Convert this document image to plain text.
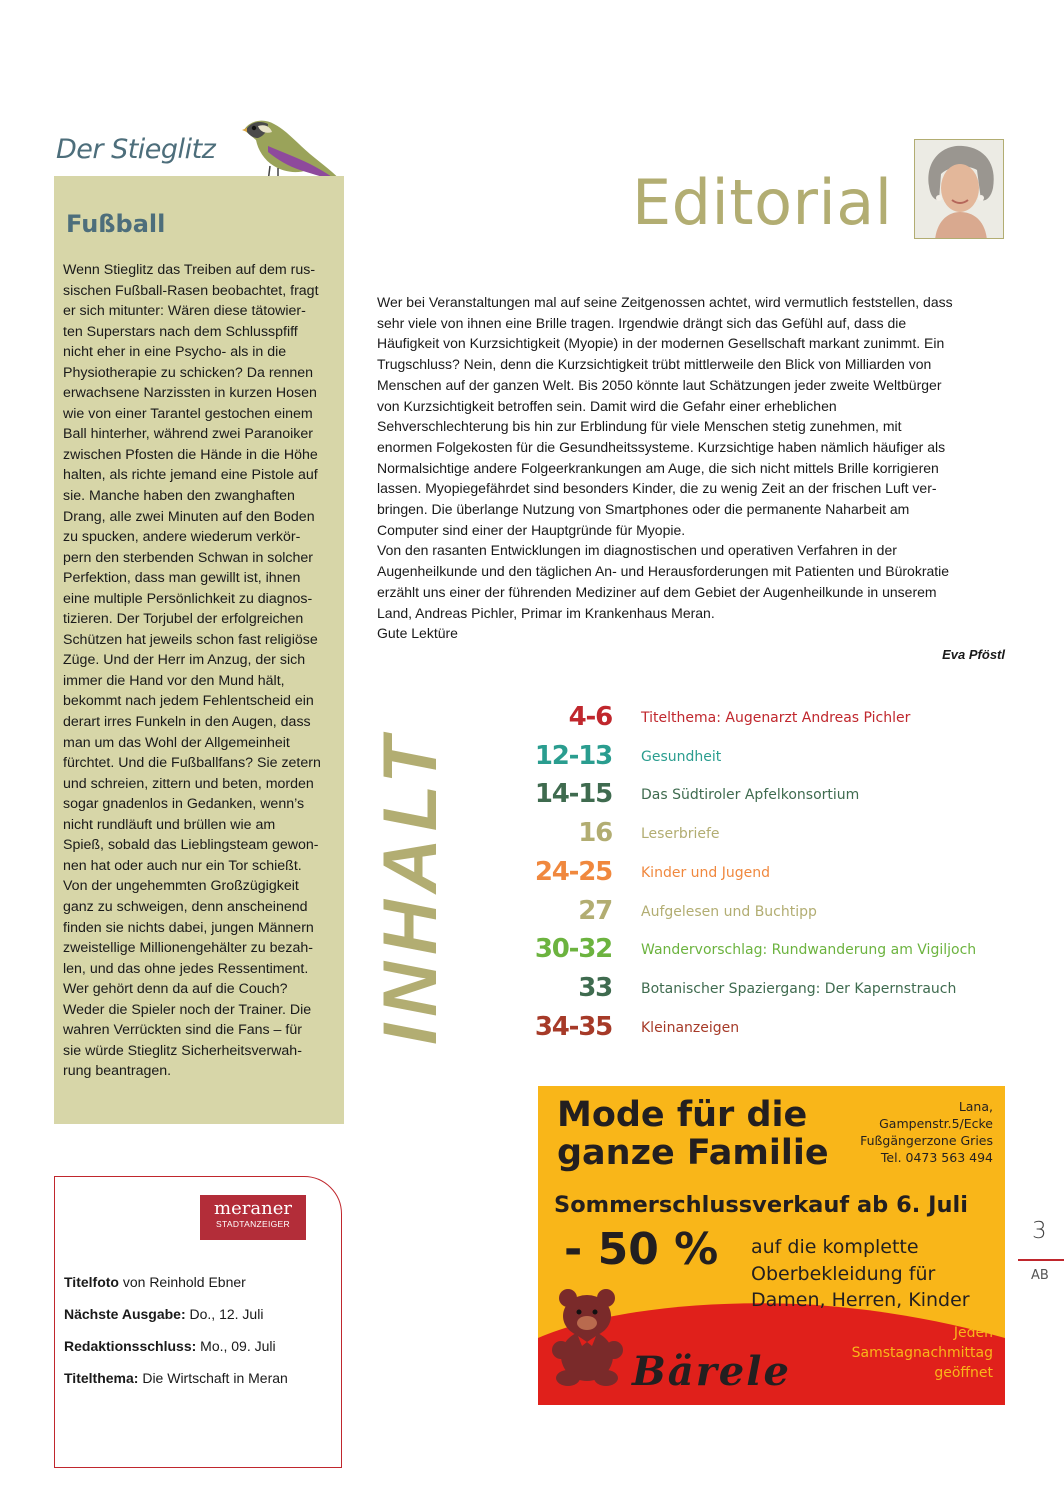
Der Stieglitz
Fußball

Wenn Stieglitz das Treiben auf dem rus-
sischen Fußball-Rasen beobachtet, fragt
er sich mitunter: Wären diese tätowier-
ten Superstars nach dem Schlusspfiff
nicht eher in eine Psycho- als in die
Physiotherapie zu schicken? Da rennen
erwachsene Narzissten in kurzen Hosen
wie von einer Tarantel gestochen einem
Ball hinterher, während zwei Paranoiker
zwischen Pfosten die Hände in die Höhe
halten, als richte jemand eine Pistole auf
sie. Manche haben den zwanghaften
Drang, alle zwei Minuten auf den Boden
zu spucken, andere wiederum verkör-
pern den sterbenden Schwan in solcher
Perfektion, dass man gewillt ist, ihnen
eine multiple Persönlichkeit zu diagnos-
tizieren. Der Torjubel der erfolgreichen
Schützen hat jeweils schon fast religiöse
Züge. Und der Herr im Anzug, der sich
immer die Hand vor den Mund hält,
bekommt nach jedem Fehlentscheid ein
derart irres Funkeln in den Augen, dass
man um das Wohl der Allgemeinheit
fürchtet. Und die Fußballfans? Sie zetern
und schreien, zittern und beten, morden
sogar gnadenlos in Gedanken, wenn’s
nicht rundläuft und brüllen wie am
Spieß, sobald das Lieblingsteam gewon-
nen hat oder auch nur ein Tor schießt.
Von der ungehemmten Großzügigkeit
ganz zu schweigen, denn anscheinend
finden sie nichts dabei, jungen Männern
zweistellige Millionengehälter zu bezah-
len, und das ohne jedes Ressentiment.
Wer gehört denn da auf die Couch?
Weder die Spieler noch der Trainer. Die
wahren Verrückten sind die Fans – für
sie würde Stieglitz Sicherheitsverwah-
rung beantragen.

meraner
STADTANZEIGER

Titelfoto von Reinhold Ebner

Nächste Ausgabe: Do., 12. Juli

Redaktionsschluss: Mo., 09. Juli

Titelthema: Die Wirtschaft in Meran

Editorial

Wer bei Veranstaltungen mal auf seine Zeitgenossen achtet, wird vermutlich feststellen, dass
sehr viele von ihnen eine Brille tragen. Irgendwie drängt sich das Gefühl auf, dass die
Häufigkeit von Kurzsichtigkeit (Myopie) in der modernen Gesellschaft markant zunimmt. Ein
Trugschluss? Nein, denn die Kurzsichtigkeit trübt mittlerweile den Blick von Milliarden von
Menschen auf der ganzen Welt. Bis 2050 könnte laut Schätzungen jeder zweite Weltbürger
von Kurzsichtigkeit betroffen sein. Damit wird die Gefahr einer erheblichen
Sehverschlechterung bis hin zur Erblindung für viele Menschen stetig zunehmen, mit
enormen Folgekosten für die Gesundheitssysteme. Kurzsichtige haben nämlich häufiger als
Normalsichtige andere Folgeerkrankungen am Auge, die sich nicht mittels Brille korrigieren
lassen. Myopiegefährdet sind besonders Kinder, die zu wenig Zeit an der frischen Luft ver-
bringen. Die überlange Nutzung von Smartphones oder die permanente Naharbeit am
Computer sind einer der Hauptgründe für Myopie.
Von den rasanten Entwicklungen im diagnostischen und operativen Verfahren in der
Augenheilkunde und den täglichen An- und Herausforderungen mit Patienten und Bürokratie
erzählt uns einer der führenden Mediziner auf dem Gebiet der Augenheilkunde in unserem
Land, Andreas Pichler, Primar im Krankenhaus Meran.
Gute Lektüre

Eva Pföstl

INHALT
4-6 Titelthema: Augenarzt Andreas Pichler
12-13 Gesundheit
14-15 Das Südtiroler Apfelkonsortium
16 Leserbriefe
24-25 Kinder und Jugend
27 Aufgelesen und Buchtipp
30-32 Wandervorschlag: Rundwanderung am Vigiljoch
33 Botanischer Spaziergang: Der Kapernstrauch
34-35 Kleinanzeigen
Mode für die
ganze Familie
Lana,
Gampenstr.5/Ecke
Fußgängerzone Gries
Tel. 0473 563 494
Sommerschlussverkauf ab 6. Juli
- 50 % auf die komplette
Oberbekleidung für
Damen, Herren, Kinder
Jeden
Samstagnachmittag
geöffnet
Bärele
3
AB
